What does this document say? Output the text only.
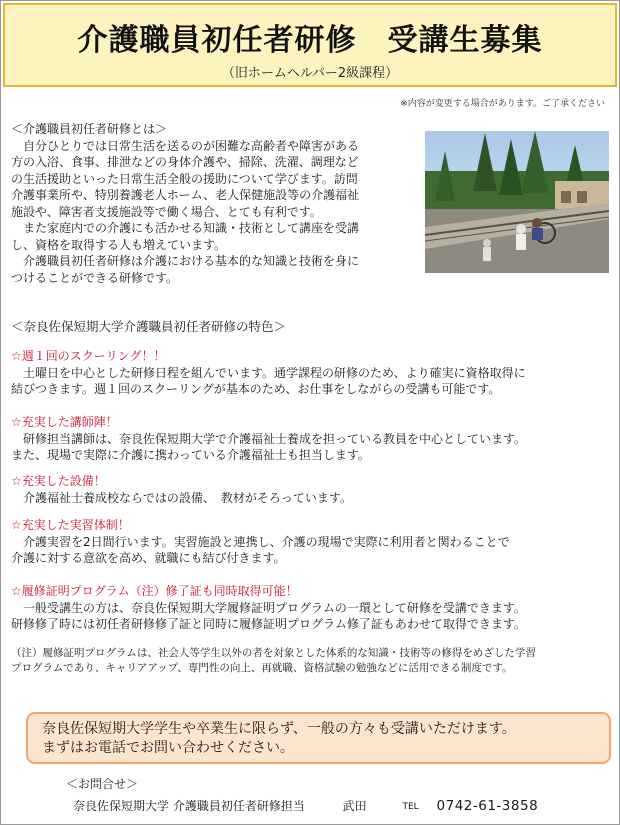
介護職員初任者研修　受講生募集
（旧ホームヘルパー2級課程）
※内容が変更する場合があります。ご了承ください
＜介護職員初任者研修とは＞
　自分ひとりでは日常生活を送るのが困難な高齢者や障害がある
方の入浴、食事、排泄などの身体介護や、掃除、洗濯、調理など
の生活援助といった日常生活全般の援助について学びます。訪問
介護事業所や、特別養護老人ホーム、老人保健施設等の介護福祉
施設や、障害者支援施設等で働く場合、とても有利です。
　また家庭内での介護にも活かせる知識・技術として講座を受講
し、資格を取得する人も増えています。
　介護職員初任者研修は介護における基本的な知識と技術を身に
つけることができる研修です。
＜奈良佐保短期大学介護職員初任者研修の特色＞
☆週１回のスクーリング！！
　土曜日を中心とした研修日程を組んでいます。通学課程の研修のため、より確実に資格取得に
結びつきます。週１回のスクーリングが基本のため、お仕事をしながらの受講も可能です。
☆充実した講師陣！
　研修担当講師は、奈良佐保短期大学で介護福祉士養成を担っている教員を中心としています。
また、現場で実際に介護に携わっている介護福祉士も担当します。
☆充実した設備！
　介護福祉士養成校ならではの設備、　教材がそろっています。
☆充実した実習体制！
　介護実習を2日間行います。実習施設と連携し、介護の現場で実際に利用者と関わることで
介護に対する意欲を高め、就職にも結び付きます。
☆履修証明プログラム（注）修了証も同時取得可能！
　一般受講生の方は、奈良佐保短期大学履修証明プログラムの一環として研修を受講できます。
研修修了時には初任者研修修了証と同時に履修証明プログラム修了証もあわせて取得できます。
（注）履修証明プログラムは、社会人等学生以外の者を対象とした体系的な知識・技術等の修得をめざした学習
プログラムであり、キャリアアップ、専門性の向上、再就職、資格試験の勉強などに活用できる制度です。
奈良佐保短期大学学生や卒業生に限らず、一般の方々も受講いただけます。
まずはお電話でお問い合わせください。
＜お問合せ＞
奈良佐保短期大学 介護職員初任者研修担当	武田	TEL 0742-61-3858
